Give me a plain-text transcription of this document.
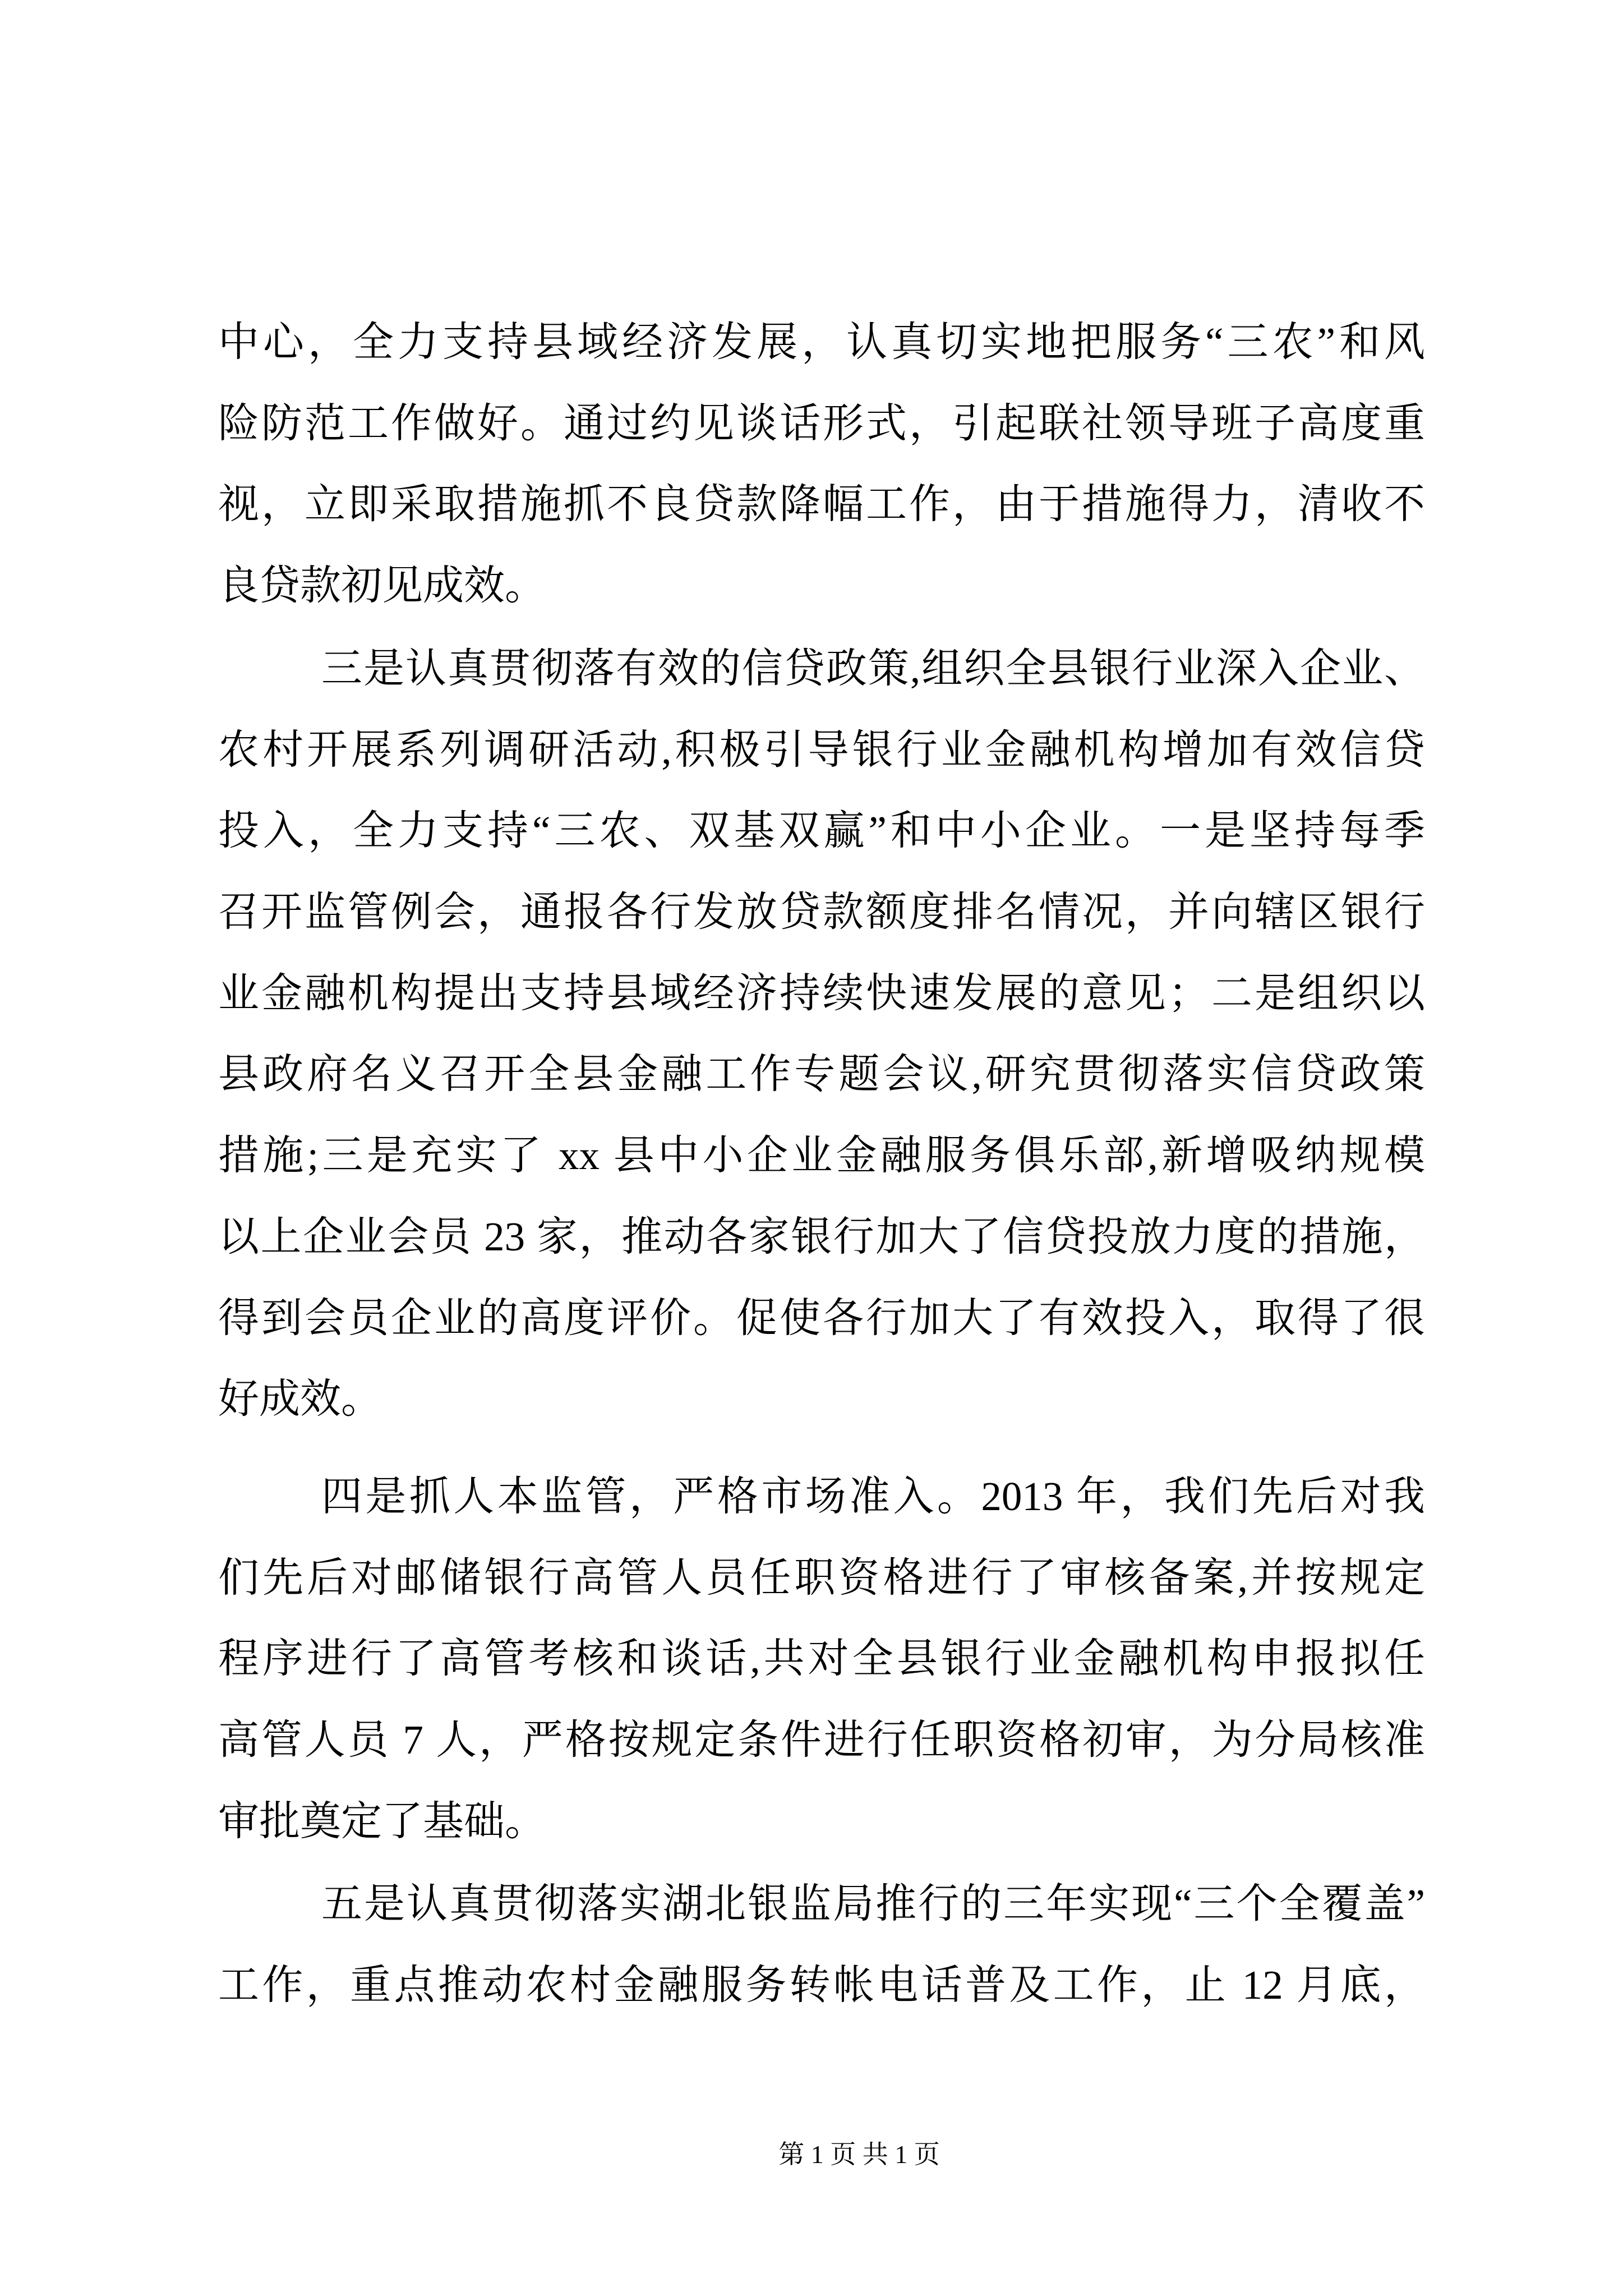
中心，全力支持县域经济发展，认真切实地把服务“三农”和风
险防范工作做好。通过约见谈话形式，引起联社领导班子高度重
视，立即采取措施抓不良贷款降幅工作，由于措施得力，清收不
良贷款初见成效。
三是认真贯彻落有效的信贷政策,组织全县银行业深入企业、
农村开展系列调研活动,积极引导银行业金融机构增加有效信贷
投入，全力支持“三农、双基双赢”和中小企业。一是坚持每季
召开监管例会，通报各行发放贷款额度排名情况，并向辖区银行
业金融机构提出支持县域经济持续快速发展的意见；二是组织以
县政府名义召开全县金融工作专题会议,研究贯彻落实信贷政策
措施;三是充实了 xx 县中小企业金融服务俱乐部,新增吸纳规模
以上企业会员 23 家，推动各家银行加大了信贷投放力度的措施，
得到会员企业的高度评价。促使各行加大了有效投入，取得了很
好成效。
四是抓人本监管，严格市场准入。2013 年，我们先后对我
们先后对邮储银行高管人员任职资格进行了审核备案,并按规定
程序进行了高管考核和谈话,共对全县银行业金融机构申报拟任
高管人员 7 人，严格按规定条件进行任职资格初审，为分局核准
审批奠定了基础。
五是认真贯彻落实湖北银监局推行的三年实现“三个全覆盖”
工作，重点推动农村金融服务转帐电话普及工作，止 12 月底，
第 1 页 共 1 页
